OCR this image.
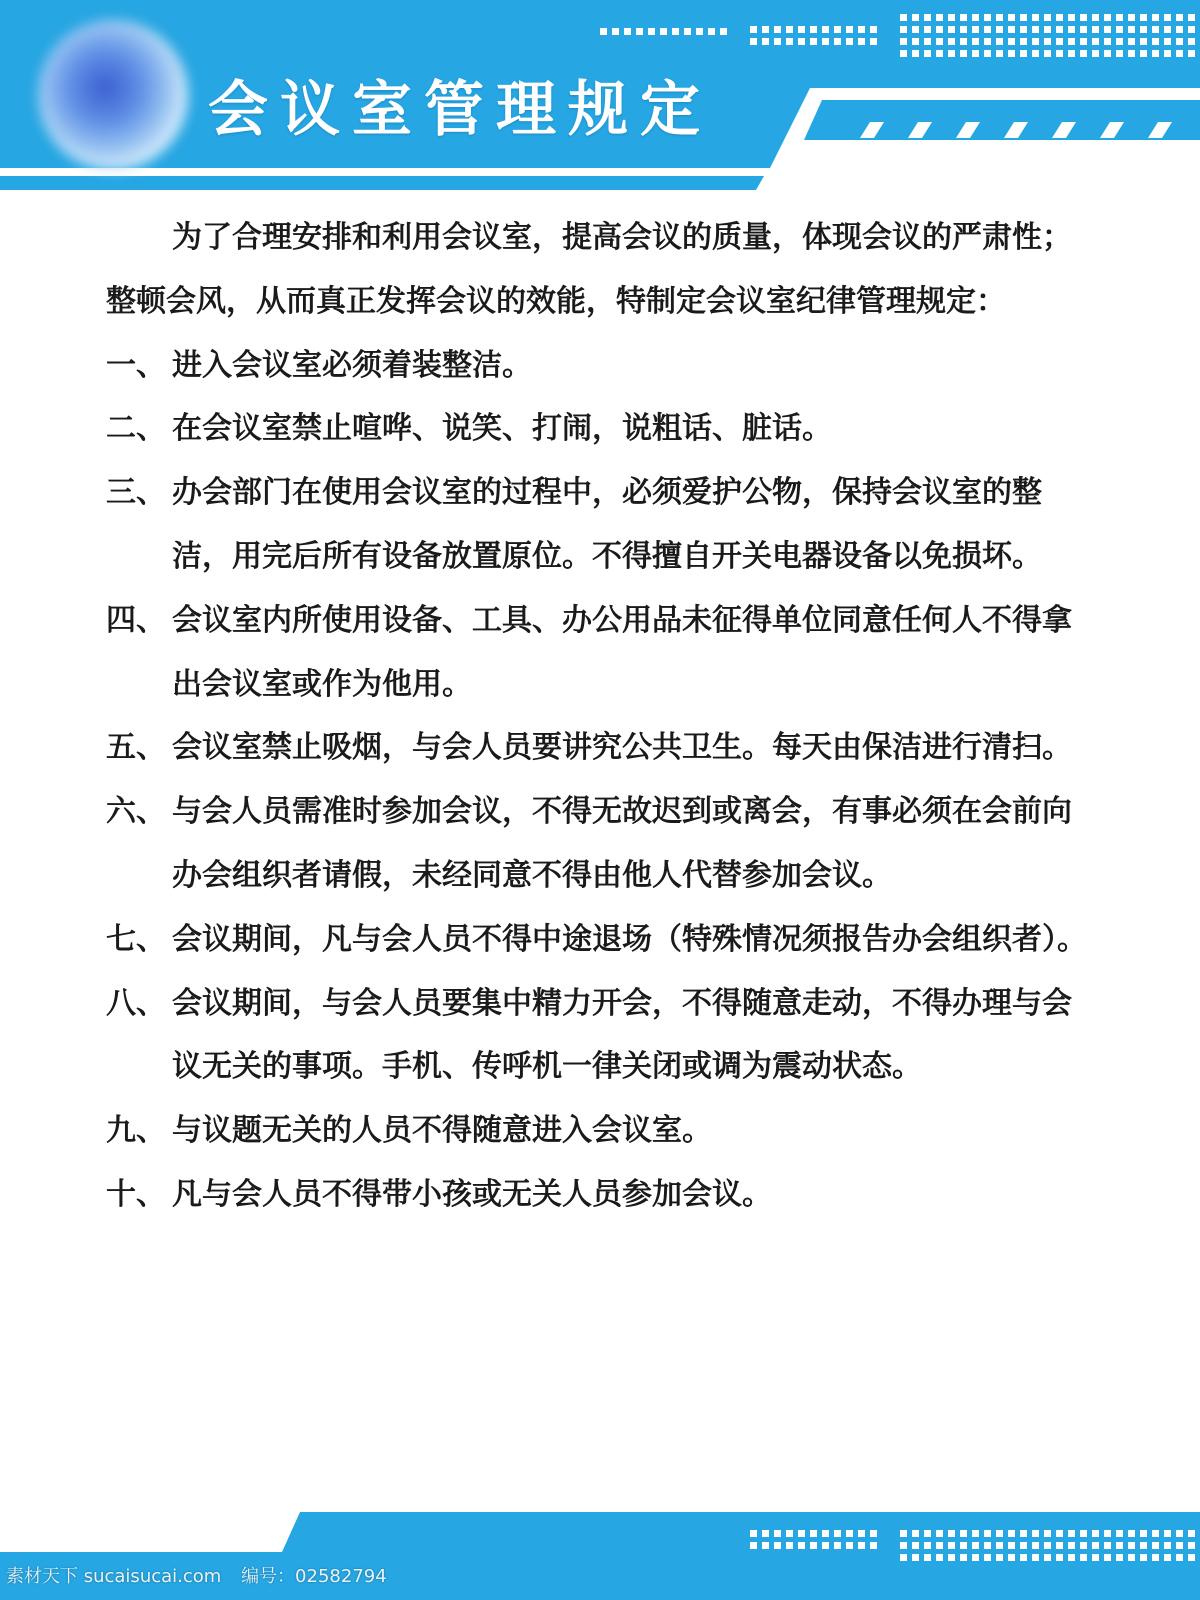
会议室管理规定
为了合理安排和利用会议室，提高会议的质量，体现会议的严肃性；整顿会风，从而真正发挥会议的效能，特制定会议室纪律管理规定：
一、 进入会议室必须着装整洁。
二、 在会议室禁止喧哗、说笑、打闹，说粗话、脏话。
三、 办会部门在使用会议室的过程中，必须爱护公物，保持会议室的整洁，用完后所有设备放置原位。不得擅自开关电器设备以免损坏。
四、 会议室内所使用设备、工具、办公用品未征得单位同意任何人不得拿出会议室或作为他用。
五、 会议室禁止吸烟，与会人员要讲究公共卫生。每天由保洁进行清扫。
六、 与会人员需准时参加会议，不得无故迟到或离会，有事必须在会前向办会组织者请假，未经同意不得由他人代替参加会议。
七、 会议期间，凡与会人员不得中途退场（特殊情况须报告办会组织者）。
八、 会议期间，与会人员要集中精力开会，不得随意走动，不得办理与会议无关的事项。手机、传呼机一律关闭或调为震动状态。
九、 与议题无关的人员不得随意进入会议室。
十、 凡与会人员不得带小孩或无关人员参加会议。
素材天下 sucaisucai.com 编号：02582794
